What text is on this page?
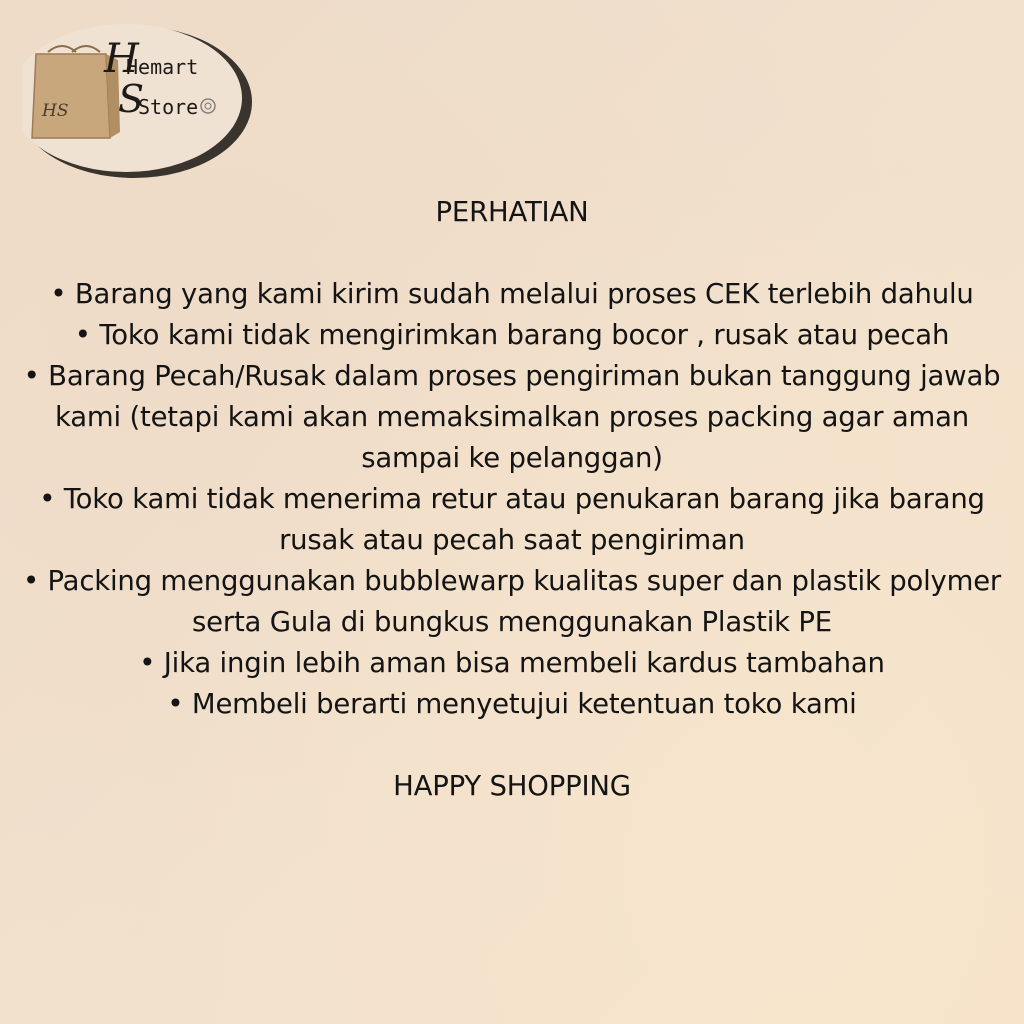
HS
H
Hemart
S
Store
PERHATIAN
• Barang yang kami kirim sudah melalui proses CEK terlebih dahulu
• Toko kami tidak mengirimkan barang bocor , rusak atau pecah
• Barang Pecah/Rusak dalam proses pengiriman bukan tanggung jawab kami (tetapi kami akan memaksimalkan proses packing agar aman sampai ke pelanggan)
• Toko kami tidak menerima retur atau penukaran barang jika barang rusak atau pecah saat pengiriman
• Packing menggunakan bubblewarp kualitas super dan plastik polymer serta Gula di bungkus menggunakan Plastik PE
• Jika ingin lebih aman bisa membeli kardus tambahan
• Membeli berarti menyetujui ketentuan toko kami
HAPPY SHOPPING
